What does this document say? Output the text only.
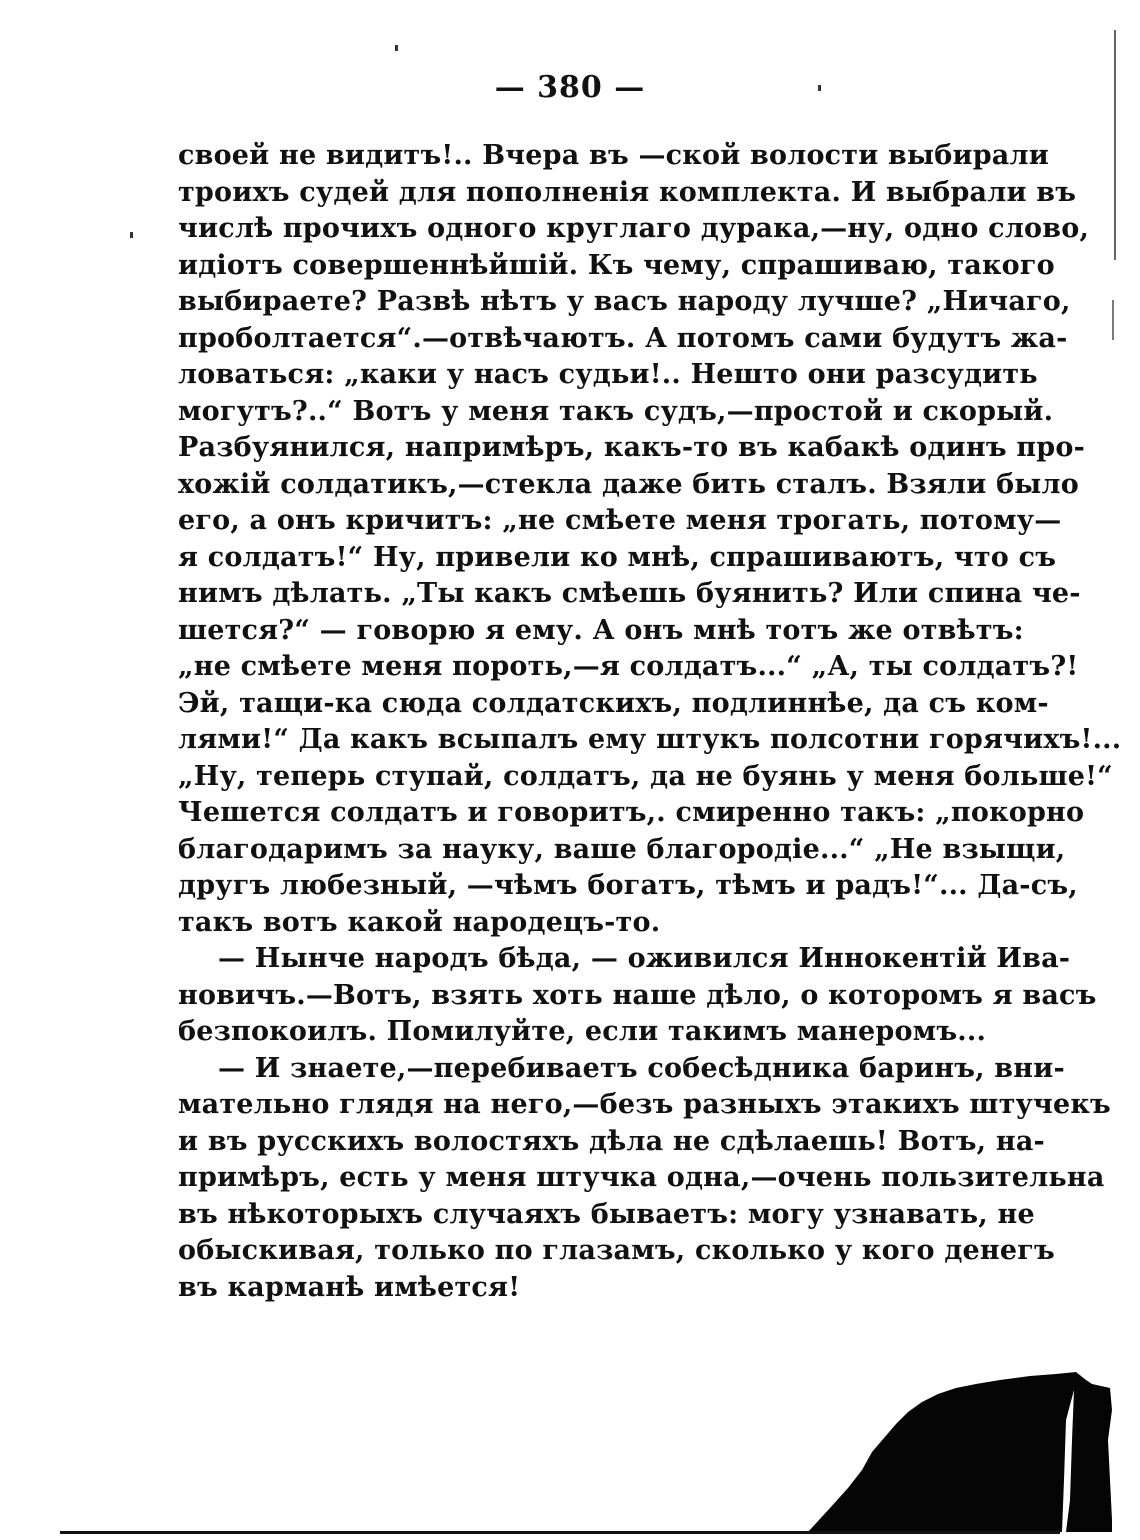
— 380 —
своей не видитъ!.. Вчера въ —ской волости выбирали
троихъ судей для пополненія комплекта. И выбрали въ
числѣ прочихъ одного круглаго дурака,—ну, одно слово,
идіотъ совершеннѣйшій. Къ чему, спрашиваю, такого
выбираете? Развѣ нѣтъ у васъ народу лучше? „Ничаго,
проболтается“.—отвѣчаютъ. А потомъ сами будутъ жа-
ловаться: „каки у насъ судьи!.. Нешто они разсудить
могутъ?..“ Вотъ у меня такъ судъ,—простой и скорый.
Разбуянился, напримѣръ, какъ-то въ кабакѣ одинъ про-
хожій солдатикъ,—стекла даже бить сталъ. Взяли было
его, а онъ кричитъ: „не смѣете меня трогать, потому—
я солдатъ!“ Ну, привели ко мнѣ, спрашиваютъ, что съ
нимъ дѣлать. „Ты какъ смѣешь буянить? Или спина че-
шется?“ — говорю я ему. А онъ мнѣ тотъ же отвѣтъ:
„не смѣете меня пороть,—я солдатъ...“ „А, ты солдатъ?!
Эй, тащи-ка сюда солдатскихъ, подлиннѣе, да съ ком-
лями!“ Да какъ всыпалъ ему штукъ полсотни горячихъ!...
„Ну, теперь ступай, солдатъ, да не буянь у меня больше!“
Чешется солдатъ и говоритъ,. смиренно такъ: „покорно
благодаримъ за науку, ваше благородіе...“ „Не взыщи,
другъ любезный, —чѣмъ богатъ, тѣмъ и радъ!“... Да-съ,
такъ вотъ какой народецъ-то.
— Нынче народъ бѣда, — оживился Иннокентій Ива-
новичъ.—Вотъ, взять хоть наше дѣло, о которомъ я васъ
безпокоилъ. Помилуйте, если такимъ манеромъ...
— И знаете,—перебиваетъ собесѣдника баринъ, вни-
мательно глядя на него,—безъ разныхъ этакихъ штучекъ
и въ русскихъ волостяхъ дѣла не сдѣлаешь! Вотъ, на-
примѣръ, есть у меня штучка одна,—очень пользительна
въ нѣкоторыхъ случаяхъ бываетъ: могу узнавать, не
обыскивая, только по глазамъ, сколько у кого денегъ
въ карманѣ имѣется!
